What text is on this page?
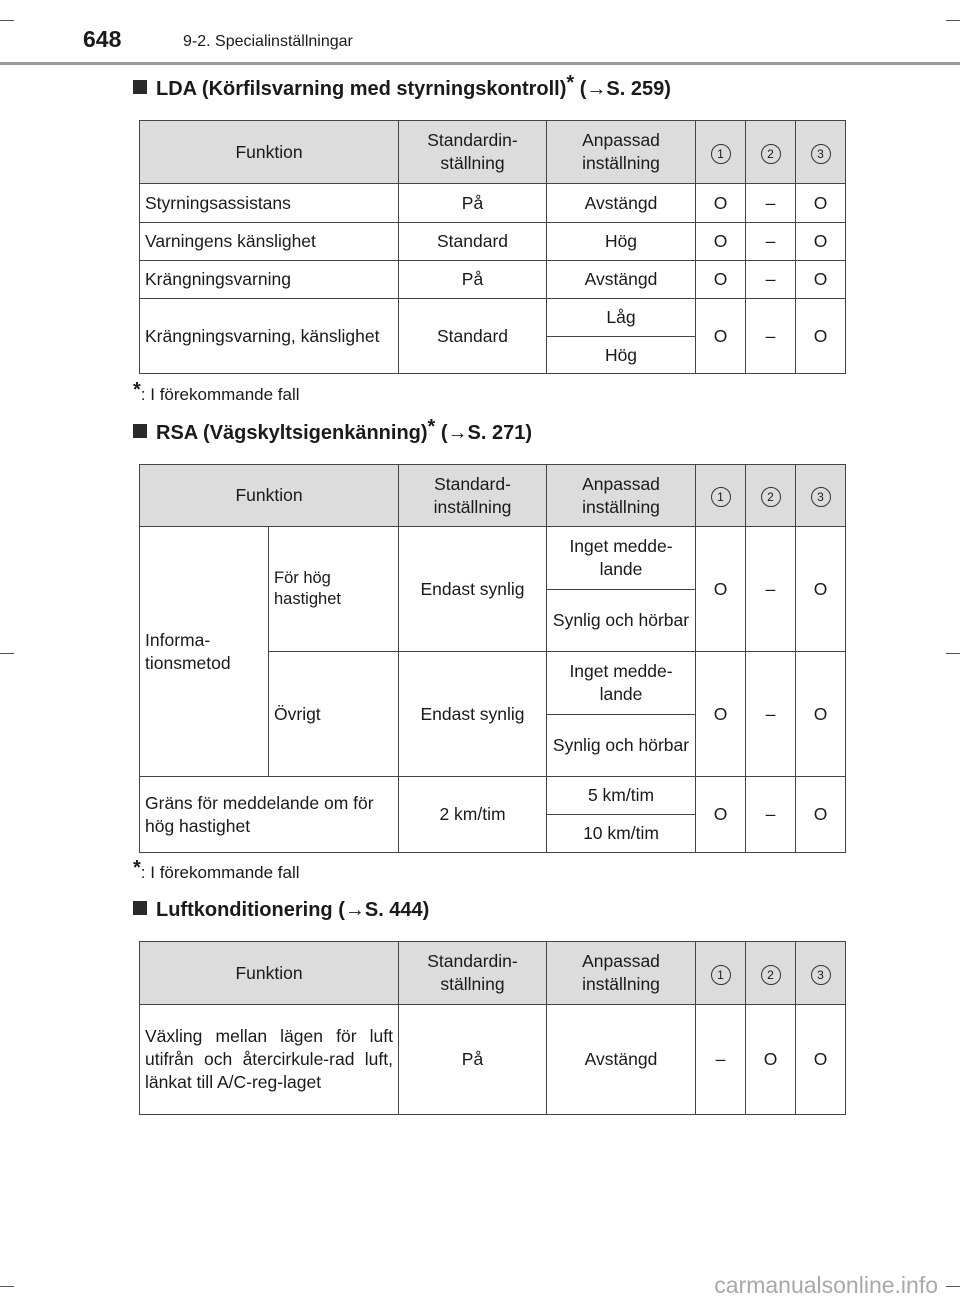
648	9-2. Specialinställningar
LDA (Körfilsvarning med styrningskontroll)* (→S. 259)
Funktion	Standardin-ställning	Anpassad inställning	1	2	3
Styrningsassistans	På	Avstängd	O	–	O
Varningens känslighet	Standard	Hög	O	–	O
Krängningsvarning	På	Avstängd	O	–	O
Krängningsvarning, känslighet	Standard	Låg	O	–	O
		Hög			
*: I förekommande fall
RSA (Vägskyltsigenkänning)* (→S. 271)
Funktion		Standard-inställning	Anpassad inställning	1	2	3
Informa-tionsmetod	För hög hastighet	Endast synlig	Inget medde-lande	O	–	O
			Synlig och hörbar			
	Övrigt	Endast synlig	Inget medde-lande	O	–	O
			Synlig och hörbar			
Gräns för meddelande om för hög hastighet		2 km/tim	5 km/tim	O	–	O
			10 km/tim			
*: I förekommande fall
Luftkonditionering (→S. 444)
Funktion	Standardin-ställning	Anpassad inställning	1	2	3
Växling mellan lägen för luft utifrån och återcirkule-rad luft, länkat till A/C-reg-laget	På	Avstängd	–	O	O
carmanualsonline.info
